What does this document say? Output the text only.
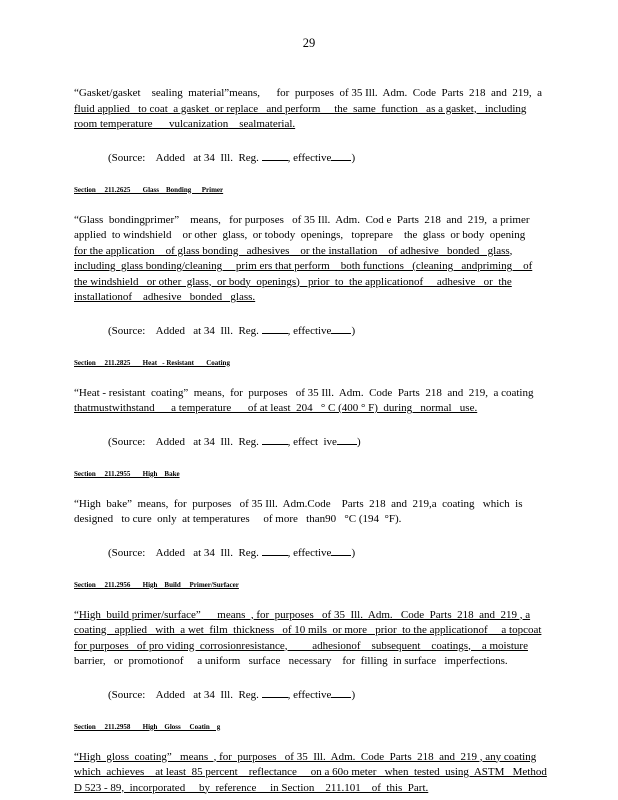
29

“Gasket/gasket    sealing  material”means,      for  purposes  of 35 Ill.  Adm.  Code  Parts  218  and  219,  a
fluid applied   to coat  a gasket  or replace   and perform     the  same  function   as a gasket,   including
room temperature      vulcanization    sealmaterial.

(Source:    Added   at 34  Ill.  Reg.	, effective )
Section     211.2625       Glass    Bonding      Primer

“Glass  bondingprimer”    means,   for purposes   of 35 Ill.  Adm.  Cod e  Parts  218  and  219,  a primer
applied  to windshield    or other  glass,  or tobody  openings,   toprepare    the  glass  or body  opening
for the application    of glass bonding   adhesives    or the installation    of adhesive   bonded   glass,
including  glass bonding/cleaning     prim ers that perform    both functions   (cleaning   andpriming    of
the windshield   or other  glass,  or body  openings)   prior  to  the applicationof     adhesive   or  the
installationof    adhesive   bonded   glass.

(Source:    Added   at 34  Ill.  Reg.	, effective )
Section     211.2825       Heat   - Resistant       Coating

“Heat - resistant  coating”  means,  for  purposes   of 35 Ill.  Adm.  Code  Parts  218  and  219,  a coating
thatmustwithstand      a temperature      of at least  204   ° C (400 ° F)  during   normal   use.

(Source:    Added   at 34  Ill.  Reg.	, effect  ive )
Section     211.2955       High    Bake

“High  bake”  means,  for  purposes   of 35 Ill.  Adm.Code    Parts  218  and  219,a  coating   which  is
designed   to cure  only  at temperatures     of more   than90   °C (194  °F).

(Source:    Added   at 34  Ill.  Reg.	, effective )
Section     211.2956       High    Build     Primer/Surfacer

“High  build primer/surface”      means  , for  purposes   of 35  Ill.  Adm.   Code  Parts  218  and  219 , a
coating   applied   with  a wet  film  thickness   of 10 mils  or more   prior  to the applicationof     a topcoat
for purposes   of pro viding  corrosionresistance,         adhesionof    subsequent    coatings,    a moisture
barrier,   or  promotionof     a uniform   surface   necessary    for  filling  in surface   imperfections.

(Source:    Added   at 34  Ill.  Reg.	, effective )
Section     211.2958       High    Gloss     Coatin    g

“High  gloss  coating”   means  , for  purposes   of 35  Ill.  Adm.  Code  Parts  218  and  219 , any coating
which  achieves    at least  85 percent    reflectance     on a 60o meter   when  tested  using  ASTM   Method
D 523 - 89,  incorporated     by  reference     in Section    211.101    of  this  Part.
